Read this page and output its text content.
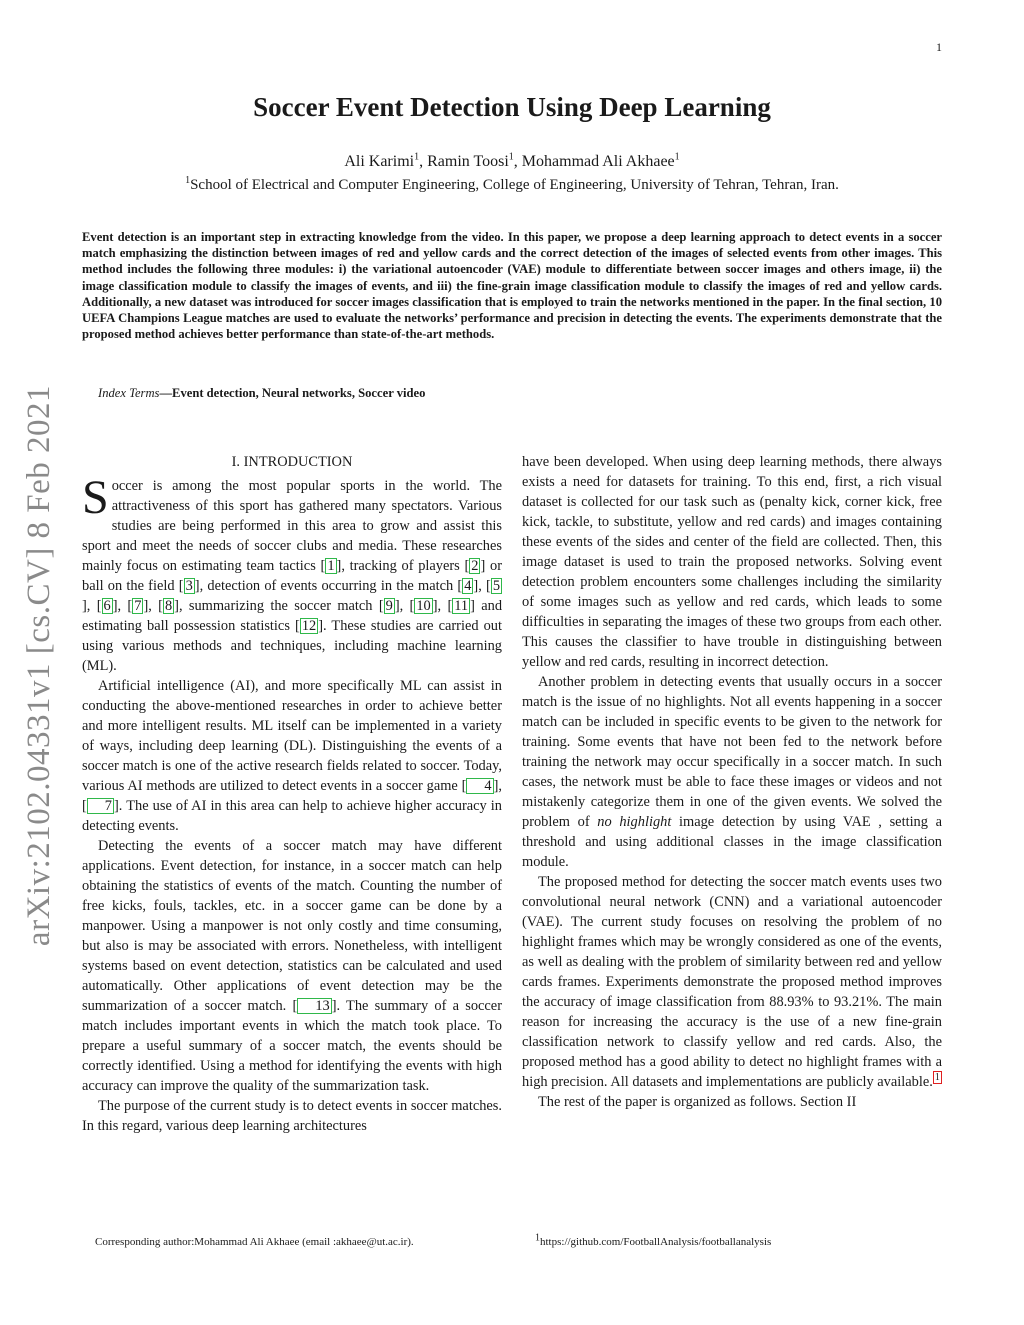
1
arXiv:2102.04331v1 [cs.CV] 8 Feb 2021
Soccer Event Detection Using Deep Learning
Ali Karimi$^1$, Ramin Toosi$^1$, Mohammad Ali Akhaee$^1$
$^1$School of Electrical and Computer Engineering, College of Engineering, University of Tehran, Tehran, Iran.

Event detection is an important step in extracting knowledge from the video. In this paper, we propose a deep learning approach to detect events in a soccer match emphasizing the distinction between images of red and yellow cards and the correct detection of the images of selected events from other images. This method includes the following three modules: i) the variational autoencoder (VAE) module to differentiate between soccer images and others image, ii) the image classification module to classify the images of events, and iii) the fine-grain image classification module to classify the images of red and yellow cards. Additionally, a new dataset was introduced for soccer images classification that is employed to train the networks mentioned in the paper. In the final section, 10 UEFA Champions League matches are used to evaluate the networks’ performance and precision in detecting the events. The experiments demonstrate that the proposed method achieves better performance than state-of-the-art methods.

Index Terms—Event detection, Neural networks, Soccer video
I. INTRODUCTION

Soccer is among the most popular sports in the world. The attractiveness of this sport has gathered many spectators. Various studies are being performed in this area to grow and assist this sport and meet the needs of soccer clubs and media. These researches mainly focus on estimating team tactics [ 1 ], tracking of players [ 2 ] or ball on the field [ 3 ], detection of events occurring in the match [ 4 ], [ 5], [ 6 ], [ 7 ], [ 8 ], summarizing the soccer match [ 9 ], [ 10 ], [ 11 ] and estimating ball possession statistics [ 12 ]. These studies are carried out using various methods and techniques, including machine learning (ML).

Artificial intelligence (AI), and more specifically ML can assist in conducting the above-mentioned researches in order to achieve better and more intelligent results. ML itself can be implemented in a variety of ways, including deep learning (DL). Distinguishing the events of a soccer match is one of the active research fields related to soccer. Today, various AI methods are utilized to detect events in a soccer game [ 4 ], [ 7 ]. The use of AI in this area can help to achieve higher accuracy in detecting events.

Detecting the events of a soccer match may have different applications. Event detection, for instance, in a soccer match can help obtaining the statistics of events of the match. Counting the number of free kicks, fouls, tackles, etc. in a soccer game can be done by a manpower. Using a manpower is not only costly and time consuming, but also is may be associated with errors. Nonetheless, with intelligent systems based on event detection, statistics can be calculated and used automatically. Other applications of event detection may be the summarization of a soccer match. [ 13 ]. The summary of a soccer match includes important events in which the match took place. To prepare a useful summary of a soccer match, the events should be correctly identified. Using a method for identifying the events with high accuracy can improve the quality of the summarization task.

The purpose of the current study is to detect events in soccer matches. In this regard, various deep learning architectures

have been developed. When using deep learning methods, there always exists a need for datasets for training. To this end, first, a rich visual dataset is collected for our task such as (penalty kick, corner kick, free kick, tackle, to substitute, yellow and red cards) and images containing these events of the sides and center of the field are collected. Then, this image dataset is used to train the proposed networks. Solving event detection problem encounters some challenges including the similarity of some images such as yellow and red cards, which leads to some difficulties in separating the images of these two groups from each other. This causes the classifier to have trouble in distinguishing between yellow and red cards, resulting in incorrect detection.

Another problem in detecting events that usually occurs in a soccer match is the issue of no highlights. Not all events happening in a soccer match can be included in specific events to be given to the network for training. Some events that have not been fed to the network before training the network may occur specifically in a soccer match. In such cases, the network must be able to face these images or videos and not mistakenly categorize them in one of the given events. We solved the problem of no highlight image detection by using VAE , setting a threshold and using additional classes in the image classification module.

The proposed method for detecting the soccer match events uses two convolutional neural network (CNN) and a variational autoencoder (VAE). The current study focuses on resolving the problem of no highlight frames which may be wrongly considered as one of the events, as well as dealing with the problem of similarity between red and yellow cards frames. Experiments demonstrate the proposed method improves the accuracy of image classification from 88.93% to 93.21%. The main reason for increasing the accuracy is the use of a new fine-grain classification network to classify yellow and red cards. Also, the proposed method has a good ability to detect no highlight frames with a high precision. All datasets and implementations are publicly available. $^1$

The rest of the paper is organized as follows. Section II

Corresponding author:Mohammad Ali Akhaee (email :akhaee@ut.ac.ir).	$^1$https://github.com/FootballAnalysis/footballanalysis
